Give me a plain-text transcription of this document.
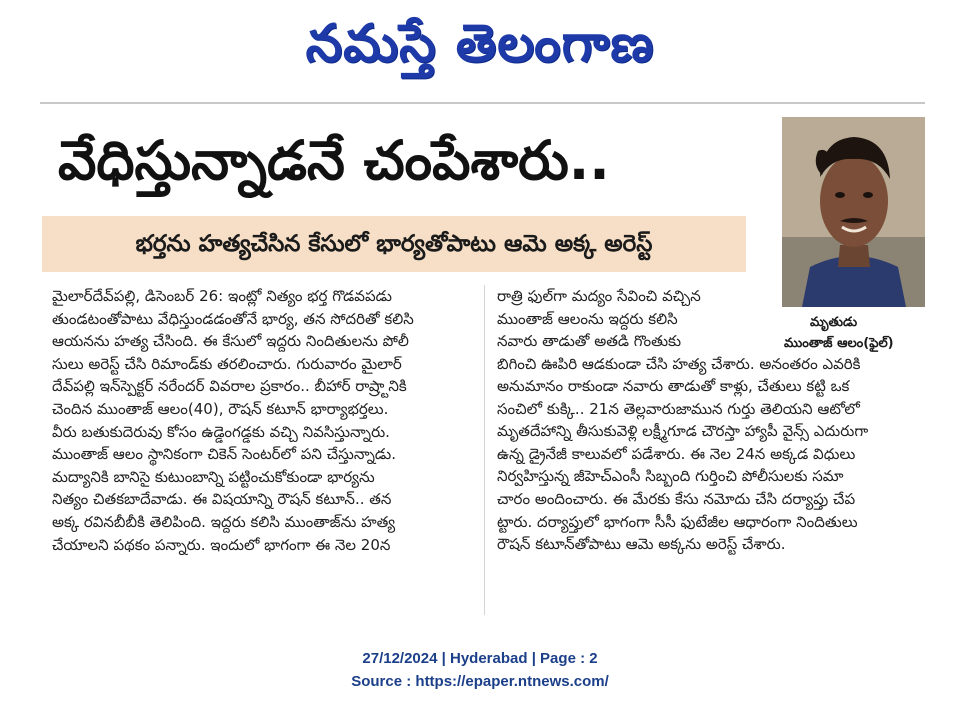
నమస్తే తెలంగాణ
వేధిస్తున్నాడనే చంపేశారు..
భర్తను హత్యచేసిన కేసులో భార్యతోపాటు ఆమె అక్క అరెస్ట్
మృతుడు
ముంతాజ్ ఆలం(ఫైల్)
మైలార్‌దేవ్‌పల్లి, డిసెంబర్ 26: ఇంట్లో నిత్యం భర్త గొడవపడు
తుండటంతోపాటు వేధిస్తుండడంతోనే భార్య, తన సోదరితో కలిసి
ఆయనను హత్య చేసింది. ఈ కేసులో ఇద్దరు నిందితులను పోలీ
సులు అరెస్ట్ చేసి రిమాండ్‌కు తరలించారు. గురువారం మైలార్
దేవ్‌పల్లి ఇన్‌స్పెక్టర్ నరేందర్ వివరాల ప్రకారం.. బీహార్ రాష్ర్టానికి
చెందిన ముంతాజ్ ఆలం(40), రౌషన్ కటూన్ భార్యాభర్తలు.
వీరు బతుకుదెరువు కోసం ఉడ్డెంగడ్డకు వచ్చి నివసిస్తున్నారు.
ముంతాజ్ ఆలం స్థానికంగా చికెన్ సెంటర్‌లో పని చేస్తున్నాడు.
మద్యానికి బానిసై కుటుంబాన్ని పట్టించుకోకుండా భార్యను
నిత్యం చితకబాదేవాడు. ఈ విషయాన్ని రౌషన్ కటూన్.. తన
అక్క రవినబీబీకి తెలిపింది. ఇద్దరు కలిసి ముంతాజ్‌ను హత్య
చేయాలని పథకం పన్నారు. ఇందులో భాగంగా ఈ నెల 20న
రాత్రి ఫుల్‌గా మద్యం సేవించి వచ్చిన
ముంతాజ్ ఆలంను ఇద్దరు కలిసి
నవారు తాడుతో అతడి గొంతుకు
బిగించి ఊపిరి ఆడకుండా చేసి హత్య చేశారు. అనంతరం ఎవరికి
అనుమానం రాకుండా నవారు తాడుతో కాళ్లు, చేతులు కట్టి ఒక
సంచిలో కుక్కి.. 21న తెల్లవారుజామున గుర్తు తెలియని ఆటోలో
మృతదేహాన్ని తీసుకువెళ్లి లక్ష్మీగూడ చౌరస్తా హ్యాపీ వైన్స్ ఎదురుగా
ఉన్న డ్రైనేజీ కాలువలో పడేశారు. ఈ నెల 24న అక్కడ విధులు
నిర్వహిస్తున్న జీహెచ్‌ఎంసీ సిబ్బంది గుర్తించి పోలీసులకు సమా
చారం అందించారు. ఈ మేరకు కేసు నమోదు చేసి దర్యాప్తు చేప
ట్టారు. దర్యాప్తులో భాగంగా సీసీ ఫుటేజీల ఆధారంగా నిందితులు
రౌషన్ కటూన్‌తోపాటు ఆమె అక్కను అరెస్ట్ చేశారు.
27/12/2024 | Hyderabad | Page : 2
Source : https://epaper.ntnews.com/
